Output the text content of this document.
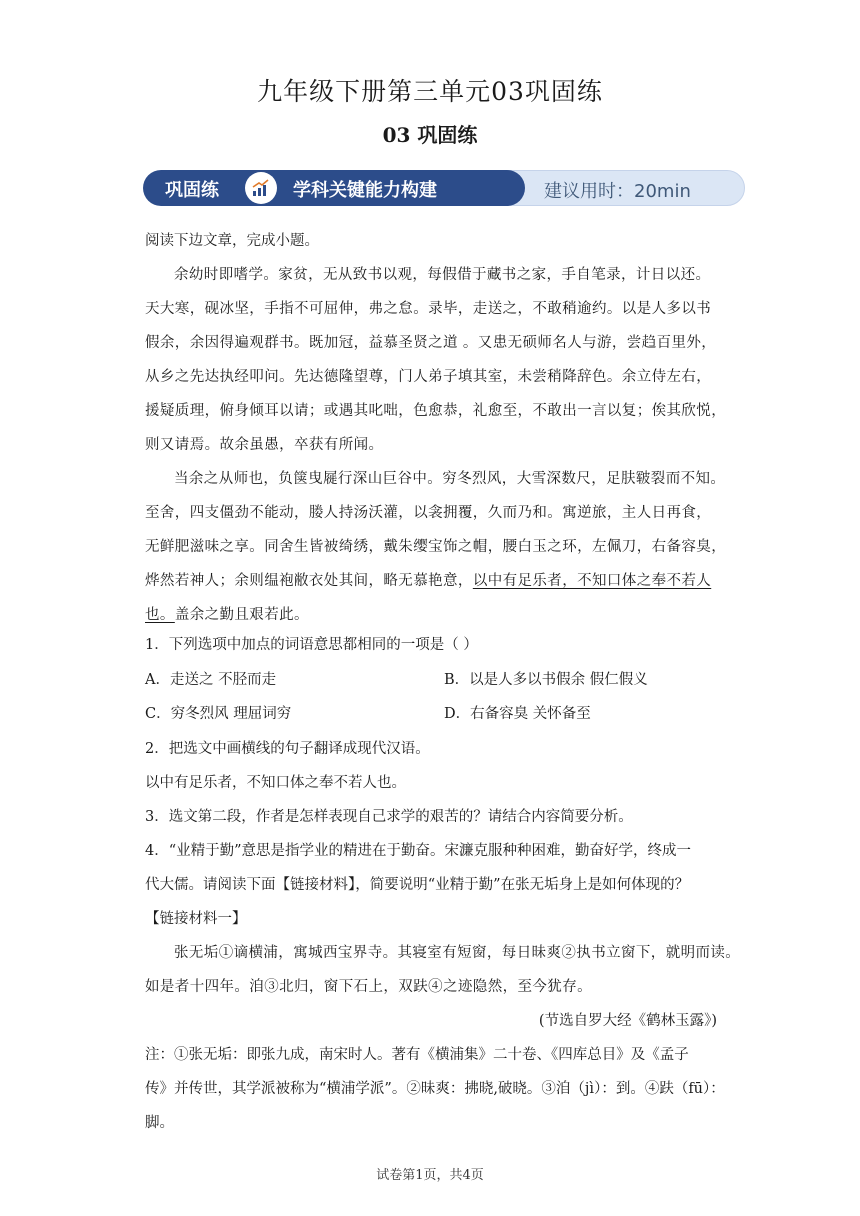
九年级下册第三单元03巩固练
03 巩固练
建议用时：20min
巩固练	学科关键能力构建
阅读下边文章，完成小题。
余幼时即嗜学。家贫，无从致书以观，每假借于藏书之家，手自笔录，计日以还。
天大寒，砚冰坚，手指不可屈伸，弗之怠。录毕，走送之，不敢稍逾约。以是人多以书
假余，余因得遍观群书。既加冠，益慕圣贤之道 。又患无硕师名人与游，尝趋百里外，
从乡之先达执经叩问。先达德隆望尊，门人弟子填其室，未尝稍降辞色。余立侍左右，
援疑质理，俯身倾耳以请；或遇其叱咄，色愈恭，礼愈至，不敢出一言以复；俟其欣悦，
则又请焉。故余虽愚，卒获有所闻。
当余之从师也，负箧曳屣行深山巨谷中。穷冬烈风，大雪深数尺，足肤皲裂而不知。
至舍，四支僵劲不能动，媵人持汤沃灌，以衾拥覆，久而乃和。寓逆旅，主人日再食，
无鲜肥滋味之享。同舍生皆被绮绣，戴朱缨宝饰之帽，腰白玉之环，左佩刀，右备容臭，
烨然若神人；余则缊袍敝衣处其间，略无慕艳意，以中有足乐者，不知口体之奉不若人
也。盖余之勤且艰若此。
1．下列选项中加点的词语意思都相同的一项是（ ）
A．走送之 不胫而走	B．以是人多以书假余 假仁假义
C．穷冬烈风 理屈词穷	D．右备容臭 关怀备至
2．把选文中画横线的句子翻译成现代汉语。
以中有足乐者，不知口体之奉不若人也。
3．选文第二段，作者是怎样表现自己求学的艰苦的？请结合内容简要分析。
4．“业精于勤”意思是指学业的精进在于勤奋。宋濂克服种种困难，勤奋好学，终成一
代大儒。请阅读下面【链接材料】，简要说明“业精于勤”在张无垢身上是如何体现的？
【链接材料一】
张无垢①谪横浦，寓城西宝界寺。其寝室有短窗，每日昧爽②执书立窗下，就明而读。
如是者十四年。洎③北归，窗下石上，双趺④之迹隐然，至今犹存。
(节选自罗大经《鹤林玉露》)
注：①张无垢：即张九成，南宋时人。著有《横浦集》二十卷、《四库总目》及《孟子
传》并传世，其学派被称为“横浦学派”。②昧爽：拂晓,破晓。③洎（jì）：到。④趺（fū）：
脚。
试卷第1页，共4页
